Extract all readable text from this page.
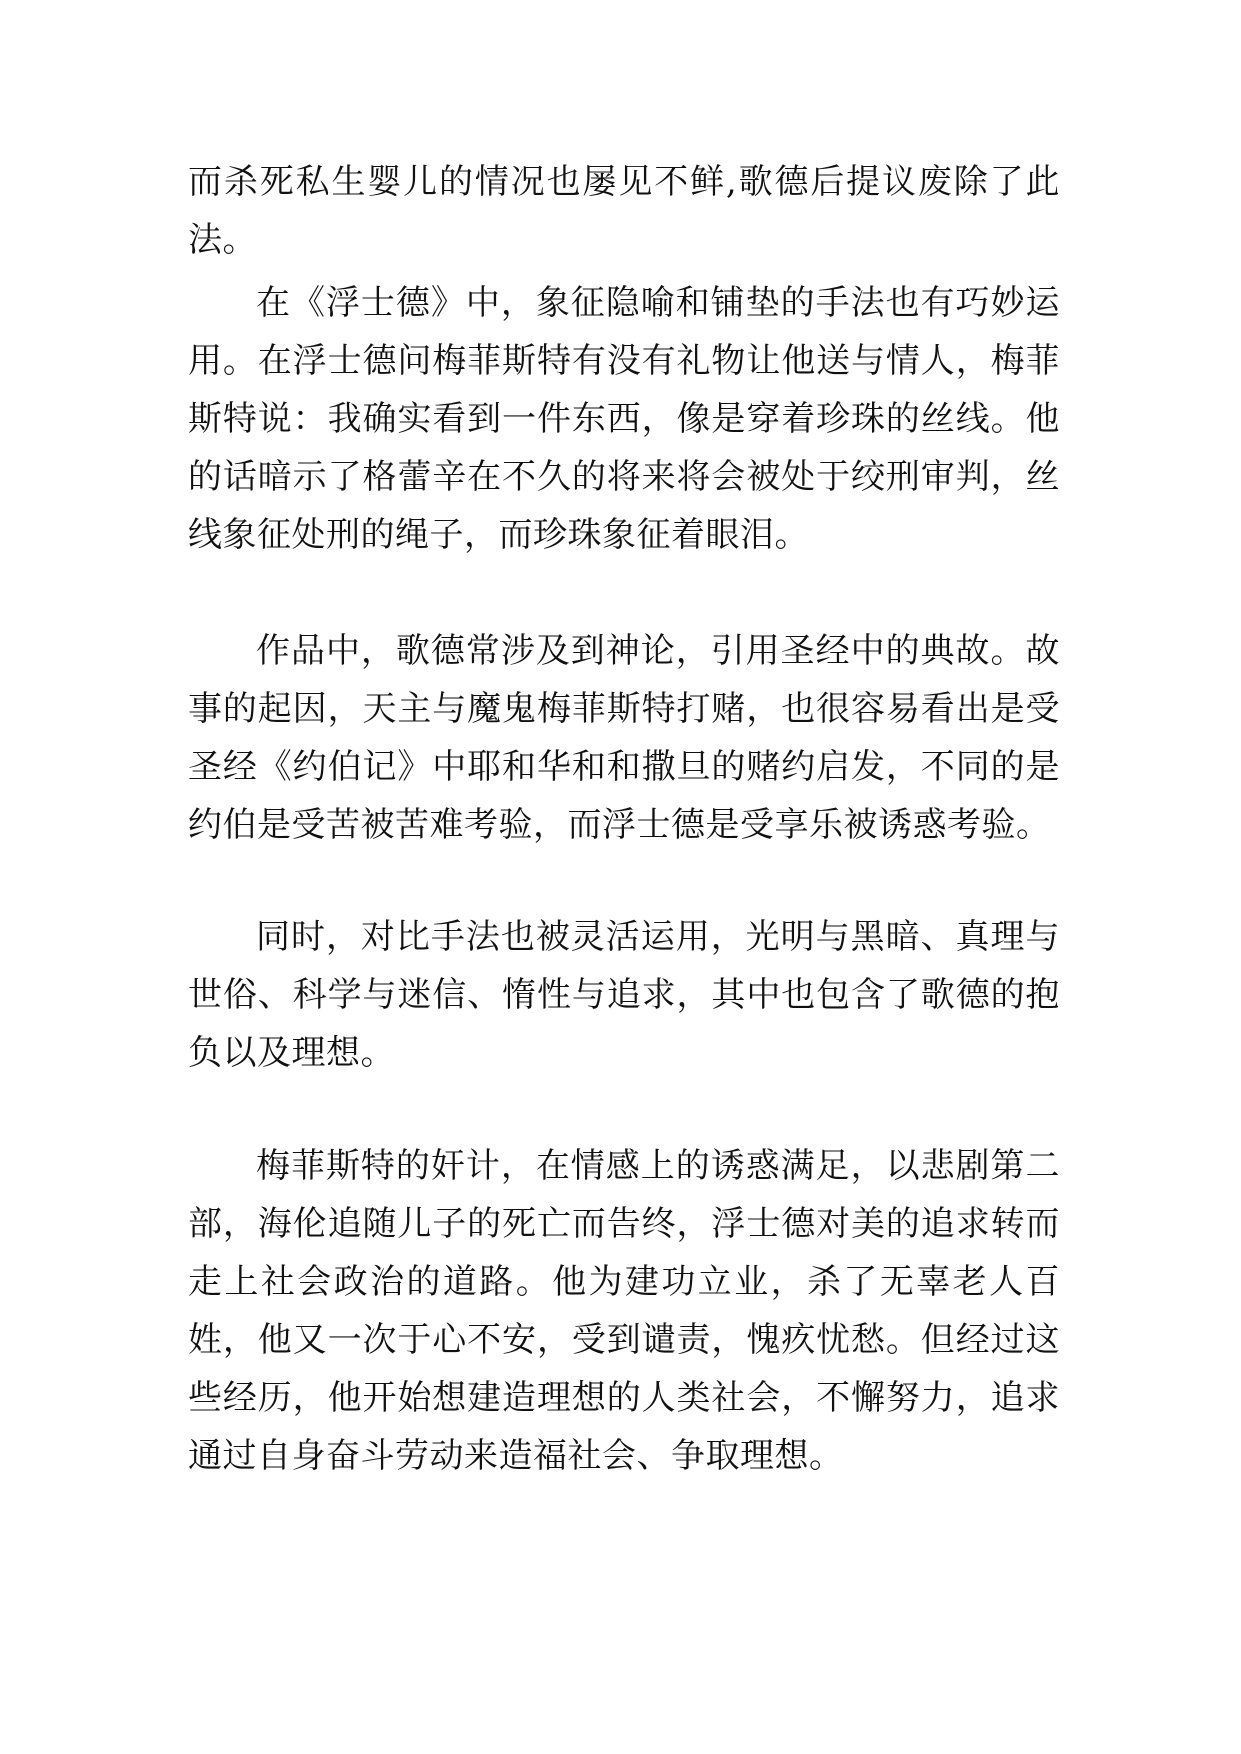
而杀死私生婴儿的情况也屡见不鲜,歌德后提议废除了此法。

在《浮士德》中，象征隐喻和铺垫的手法也有巧妙运用。在浮士德问梅菲斯特有没有礼物让他送与情人，梅菲斯特说：我确实看到一件东西，像是穿着珍珠的丝线。他的话暗示了格蕾辛在不久的将来将会被处于绞刑审判，丝线象征处刑的绳子，而珍珠象征着眼泪。

作品中，歌德常涉及到神论，引用圣经中的典故。故事的起因，天主与魔鬼梅菲斯特打赌，也很容易看出是受圣经《约伯记》中耶和华和和撒旦的赌约启发，不同的是约伯是受苦被苦难考验，而浮士德是受享乐被诱惑考验。

同时，对比手法也被灵活运用，光明与黑暗、真理与世俗、科学与迷信、惰性与追求，其中也包含了歌德的抱负以及理想。

梅菲斯特的奸计，在情感上的诱惑满足，以悲剧第二部，海伦追随儿子的死亡而告终，浮士德对美的追求转而走上社会政治的道路。他为建功立业，杀了无辜老人百姓，他又一次于心不安，受到谴责，愧疚忧愁。但经过这些经历，他开始想建造理想的人类社会，不懈努力，追求通过自身奋斗劳动来造福社会、争取理想。
